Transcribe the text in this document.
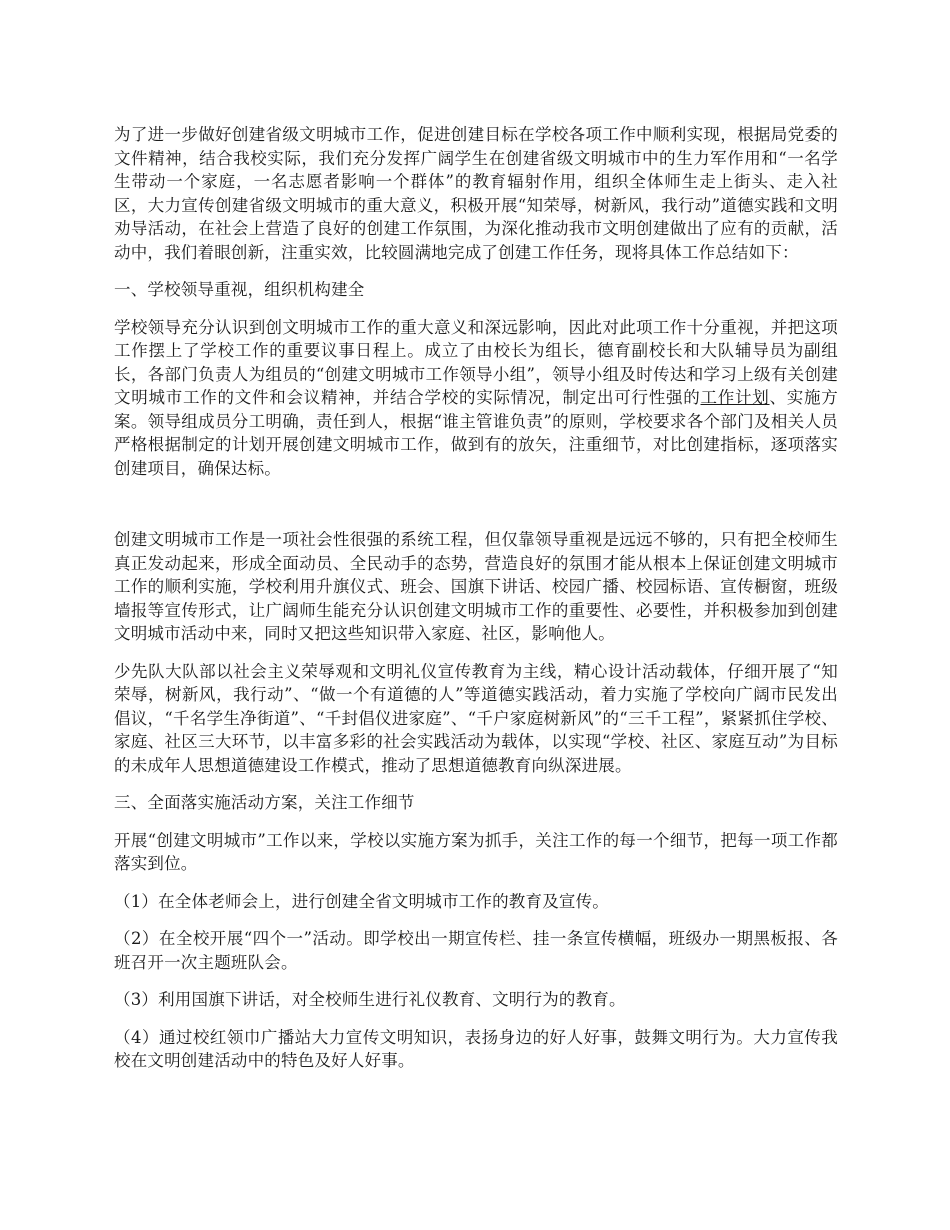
为了进一步做好创建省级文明城市工作，促进创建目标在学校各项工作中顺利实现，根据局党委的文件精神，结合我校实际，我们充分发挥广阔学生在创建省级文明城市中的生力军作用和“一名学生带动一个家庭，一名志愿者影响一个群体”的教育辐射作用，组织全体师生走上街头、走入社区，大力宣传创建省级文明城市的重大意义，积极开展“知荣辱，树新风，我行动”道德实践和文明劝导活动，在社会上营造了良好的创建工作氛围，为深化推动我市文明创建做出了应有的贡献，活动中，我们着眼创新，注重实效，比较圆满地完成了创建工作任务，现将具体工作总结如下：

一、学校领导重视，组织机构建全

学校领导充分认识到创文明城市工作的重大意义和深远影响，因此对此项工作十分重视，并把这项工作摆上了学校工作的重要议事日程上。成立了由校长为组长，德育副校长和大队辅导员为副组长，各部门负责人为组员的“创建文明城市工作领导小组”，领导小组及时传达和学习上级有关创建文明城市工作的文件和会议精神，并结合学校的实际情况，制定出可行性强的工作计划、实施方案。领导组成员分工明确，责任到人，根据“谁主管谁负责”的原则，学校要求各个部门及相关人员严格根据制定的计划开展创建文明城市工作，做到有的放矢，注重细节，对比创建指标，逐项落实创建项目，确保达标。

创建文明城市工作是一项社会性很强的系统工程，但仅靠领导重视是远远不够的，只有把全校师生真正发动起来，形成全面动员、全民动手的态势，营造良好的氛围才能从根本上保证创建文明城市工作的顺利实施，学校利用升旗仪式、班会、国旗下讲话、校园广播、校园标语、宣传橱窗，班级墙报等宣传形式，让广阔师生能充分认识创建文明城市工作的重要性、必要性，并积极参加到创建文明城市活动中来，同时又把这些知识带入家庭、社区，影响他人。

少先队大队部以社会主义荣辱观和文明礼仪宣传教育为主线，精心设计活动载体，仔细开展了“知荣辱，树新风，我行动”、“做一个有道德的人”等道德实践活动，着力实施了学校向广阔市民发出倡议，“千名学生净街道”、“千封倡仪进家庭”、“千户家庭树新风”的“三千工程”，紧紧抓住学校、家庭、社区三大环节，以丰富多彩的社会实践活动为载体，以实现“学校、社区、家庭互动”为目标的未成年人思想道德建设工作模式，推动了思想道德教育向纵深进展。

三、全面落实施活动方案，关注工作细节

开展“创建文明城市”工作以来，学校以实施方案为抓手，关注工作的每一个细节，把每一项工作都落实到位。

（1）在全体老师会上，进行创建全省文明城市工作的教育及宣传。

（2）在全校开展“四个一”活动。即学校出一期宣传栏、挂一条宣传横幅，班级办一期黑板报、各班召开一次主题班队会。

（3）利用国旗下讲话，对全校师生进行礼仪教育、文明行为的教育。

（4）通过校红领巾广播站大力宣传文明知识，表扬身边的好人好事，鼓舞文明行为。大力宣传我校在文明创建活动中的特色及好人好事。
